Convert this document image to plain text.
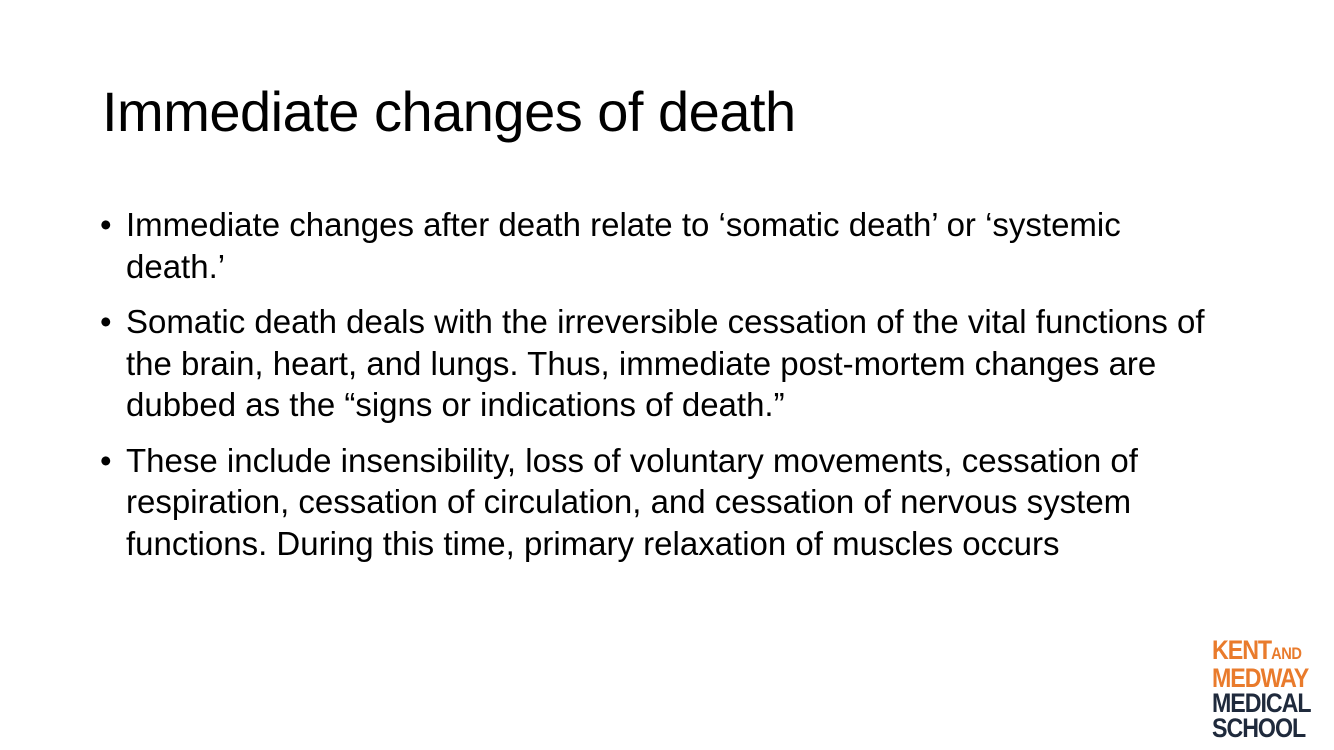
Immediate changes of death
• Immediate changes after death relate to ‘somatic death’ or ‘systemic death.’
• Somatic death deals with the irreversible cessation of the vital functions of the brain, heart, and lungs. Thus, immediate post-mortem changes are dubbed as the “signs or indications of death.”
• These include insensibility, loss of voluntary movements, cessation of respiration, cessation of circulation, and cessation of nervous system functions. During this time, primary relaxation of muscles occurs
KENTAND
MEDWAY
MEDICAL
SCHOOL
